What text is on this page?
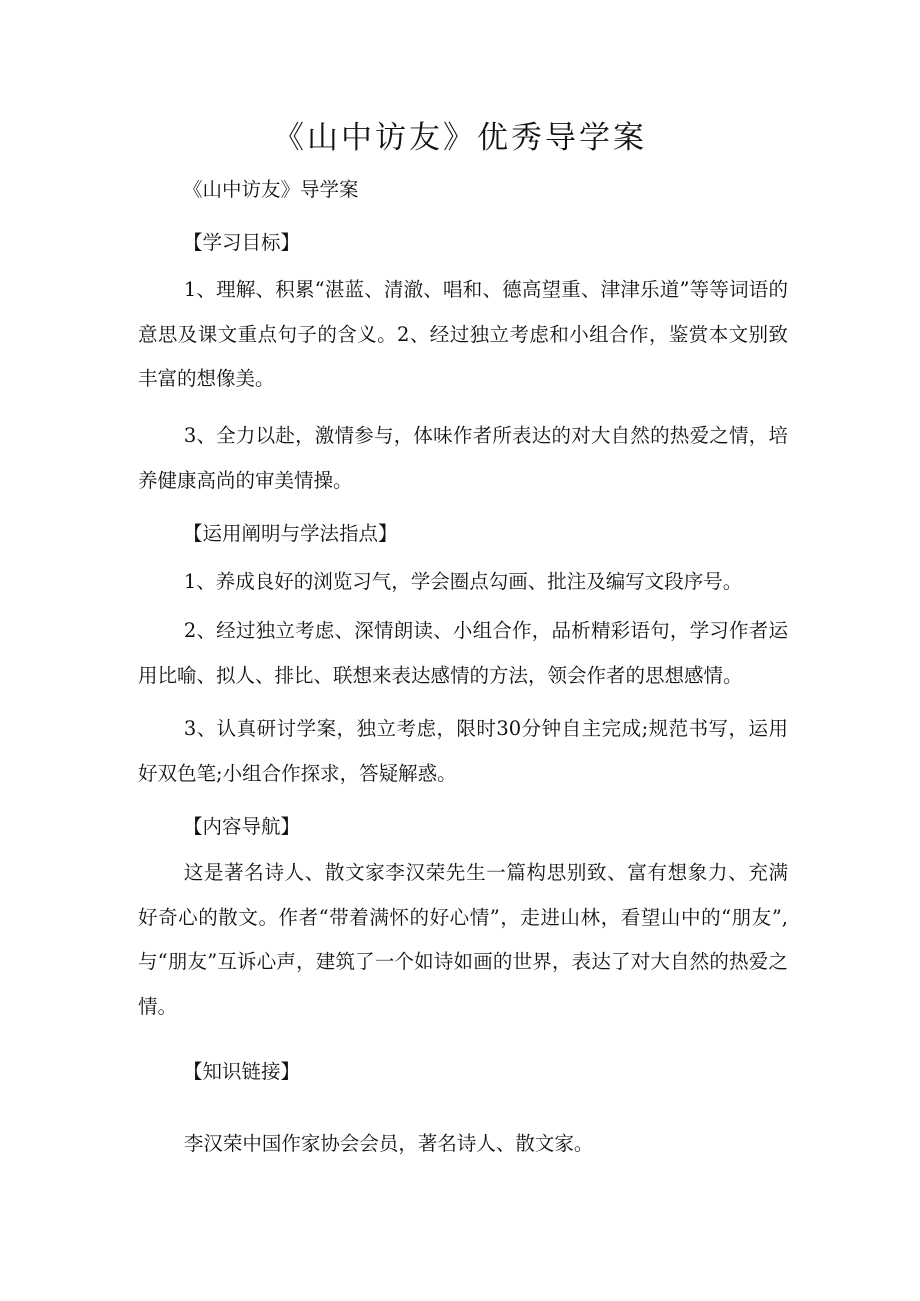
《山中访友》优秀导学案

《山中访友》导学案

【学习目标】

1、理解、积累“湛蓝、清澈、唱和、德高望重、津津乐道”等等词语的意思及课文重点句子的含义。2、经过独立考虑和小组合作，鉴赏本文别致丰富的想像美。

3、全力以赴，激情参与，体味作者所表达的对大自然的热爱之情，培养健康高尚的审美情操。

【运用阐明与学法指点】

1、养成良好的浏览习气，学会圈点勾画、批注及编写文段序号。

2、经过独立考虑、深情朗读、小组合作，品析精彩语句，学习作者运用比喻、拟人、排比、联想来表达感情的方法，领会作者的思想感情。

3、认真研讨学案，独立考虑，限时30分钟自主完成;规范书写，运用好双色笔;小组合作探求，答疑解惑。

【内容导航】

这是著名诗人、散文家李汉荣先生一篇构思别致、富有想象力、充满好奇心的散文。作者“带着满怀的好心情”，走进山林，看望山中的“朋友”,与“朋友”互诉心声，建筑了一个如诗如画的世界，表达了对大自然的热爱之情。

【知识链接】

李汉荣中国作家协会会员，著名诗人、散文家。
